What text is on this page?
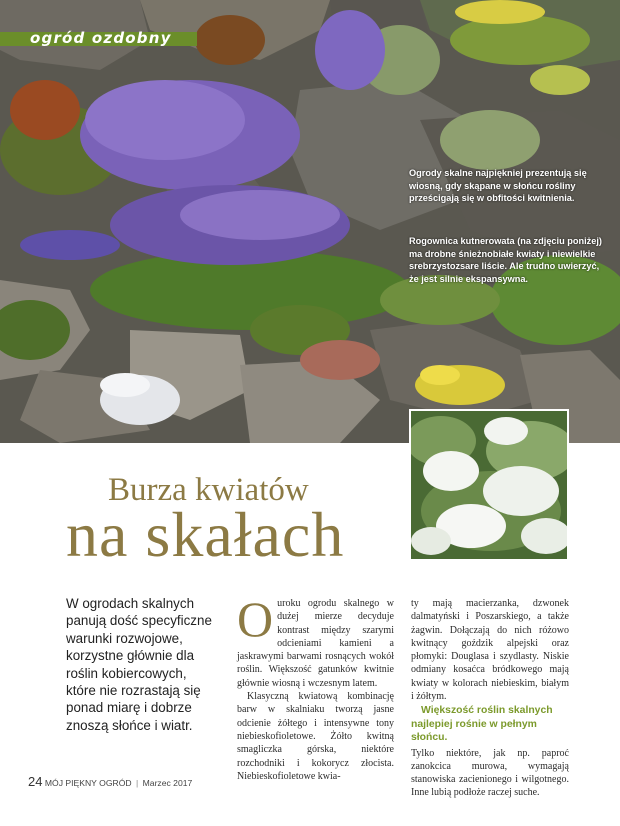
ogród ozdobny

Ogrody skalne najpiękniej prezentują się wiosną, gdy skąpane w słońcu rośliny prześcigają się w obfitości kwitnienia.

Rogownica kutnerowata (na zdjęciu poniżej) ma drobne śnieżnobiałe kwiaty i niewielkie srebrzystozsare liście. Ale trudno uwierzyć, że jest silnie ekspansywna.

Burza kwiatów
na skałach

W ogrodach skalnych panują dość specyficzne warunki rozwojowe, korzystne głównie dla roślin kobiercowych, które nie rozrastają się ponad miarę i dobrze znoszą słońce i wiatr.

O uroku ogrodu skalnego w dużej mierze decyduje kontrast między szarymi odcieniami kamieni a jaskrawymi barwami rosnących wokół roślin. Większość gatunków kwitnie głównie wiosną i wczesnym latem.

Klasyczną kwiatową kombinację barw w skalniaku tworzą jasne odcienie żółtego i intensywne tony niebieskofioletowe. Żółto kwitną smagliczka górska, niektóre rozchodniki i kokorycz złocista. Niebieskofioletowe kwia-

ty mają macierzanka, dzwonek dalmatyński i Poszarskiego, a także żagwin. Dołączają do nich różowo kwitnący goździk alpejski oraz płomyki: Douglasa i szydlasty. Niskie odmiany kosaćca bródkowego mają kwiaty w kolorach niebieskim, białym i żółtym.

Większość roślin skalnych najlepiej rośnie w pełnym słońcu.

Tylko niektóre, jak np. paproć zanokcica murowa, wymagają stanowiska zacienionego i wilgotnego. Inne lubią podłoże raczej suche.

24 MÓJ PIĘKNY OGRÓD | Marzec 2017
